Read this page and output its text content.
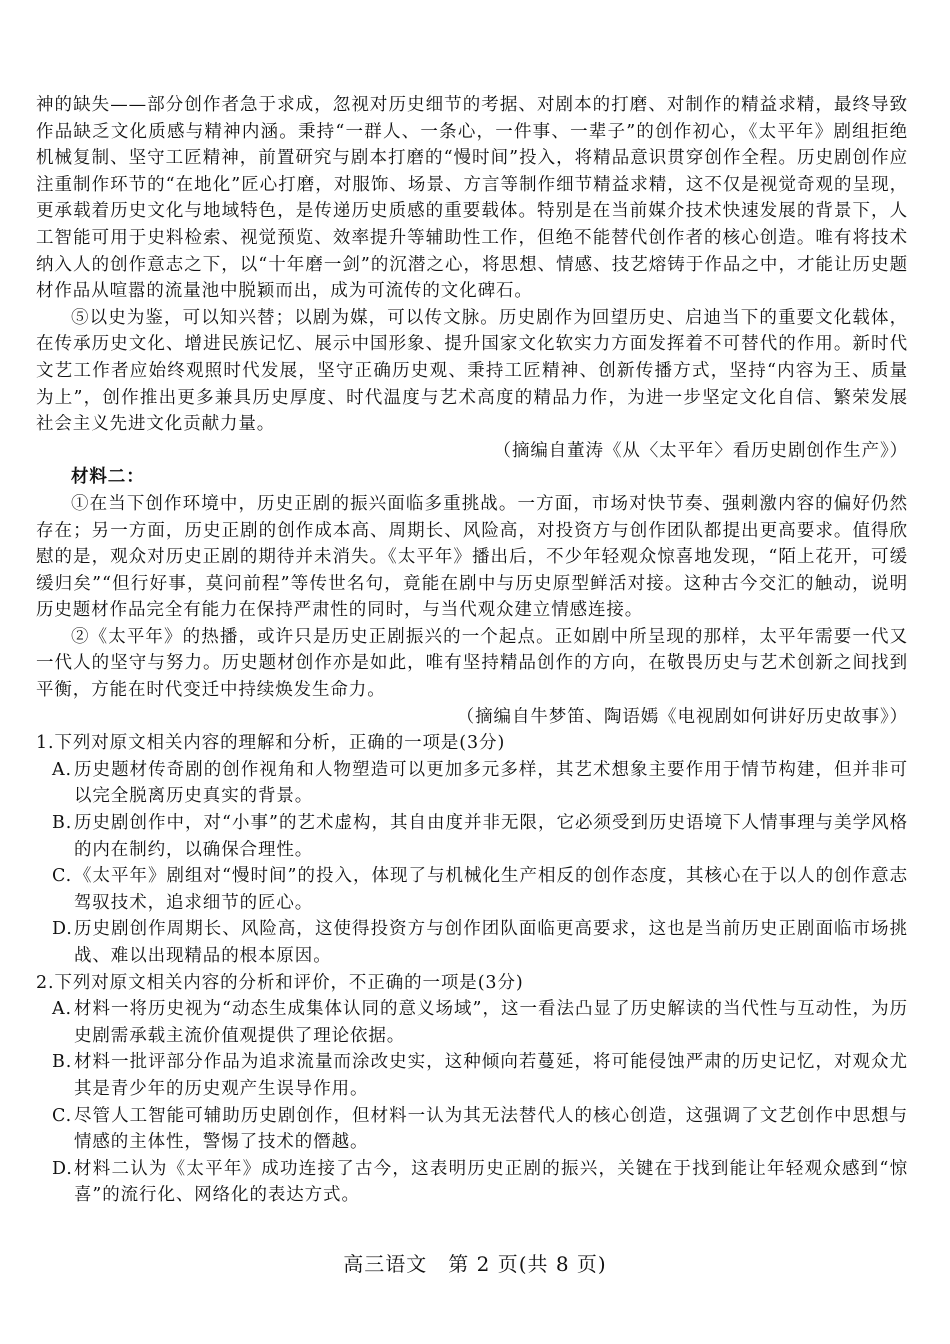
神的缺失——部分创作者急于求成，忽视对历史细节的考据、对剧本的打磨、对制作的精益求精，最终导致作品缺乏文化质感与精神内涵。秉持“一群人、一条心，一件事、一辈子”的创作初心，《太平年》剧组拒绝机械复制、坚守工匠精神，前置研究与剧本打磨的“慢时间”投入，将精品意识贯穿创作全程。历史剧创作应注重制作环节的“在地化”匠心打磨，对服饰、场景、方言等制作细节精益求精，这不仅是视觉奇观的呈现，更承载着历史文化与地域特色，是传递历史质感的重要载体。特别是在当前媒介技术快速发展的背景下，人工智能可用于史料检索、视觉预览、效率提升等辅助性工作，但绝不能替代创作者的核心创造。唯有将技术纳入人的创作意志之下，以“十年磨一剑”的沉潜之心，将思想、情感、技艺熔铸于作品之中，才能让历史题材作品从喧嚣的流量池中脱颖而出，成为可流传的文化碑石。

⑤以史为鉴，可以知兴替；以剧为媒，可以传文脉。历史剧作为回望历史、启迪当下的重要文化载体，在传承历史文化、增进民族记忆、展示中国形象、提升国家文化软实力方面发挥着不可替代的作用。新时代文艺工作者应始终观照时代发展，坚守正确历史观、秉持工匠精神、创新传播方式，坚持“内容为王、质量为上”，创作推出更多兼具历史厚度、时代温度与艺术高度的精品力作，为进一步坚定文化自信、繁荣发展社会主义先进文化贡献力量。

（摘编自董涛《从〈太平年〉看历史剧创作生产》）

材料二：

①在当下创作环境中，历史正剧的振兴面临多重挑战。一方面，市场对快节奏、强刺激内容的偏好仍然存在；另一方面，历史正剧的创作成本高、周期长、风险高，对投资方与创作团队都提出更高要求。值得欣慰的是，观众对历史正剧的期待并未消失。《太平年》播出后，不少年轻观众惊喜地发现，“陌上花开，可缓缓归矣”“但行好事，莫问前程”等传世名句，竟能在剧中与历史原型鲜活对接。这种古今交汇的触动，说明历史题材作品完全有能力在保持严肃性的同时，与当代观众建立情感连接。

②《太平年》的热播，或许只是历史正剧振兴的一个起点。正如剧中所呈现的那样，太平年需要一代又一代人的坚守与努力。历史题材创作亦是如此，唯有坚持精品创作的方向，在敬畏历史与艺术创新之间找到平衡，方能在时代变迁中持续焕发生命力。

（摘编自牛梦笛、陶语嫣《电视剧如何讲好历史故事》）

1.下列对原文相关内容的理解和分析，正确的一项是(3分)

A. 历史题材传奇剧的创作视角和人物塑造可以更加多元多样，其艺术想象主要作用于情节构建，但并非可以完全脱离历史真实的背景。
B. 历史剧创作中，对“小事”的艺术虚构，其自由度并非无限，它必须受到历史语境下人情事理与美学风格的内在制约，以确保合理性。
C. 《太平年》剧组对“慢时间”的投入，体现了与机械化生产相反的创作态度，其核心在于以人的创作意志驾驭技术，追求细节的匠心。
D. 历史剧创作周期长、风险高，这使得投资方与创作团队面临更高要求，这也是当前历史正剧面临市场挑战、难以出现精品的根本原因。

2.下列对原文相关内容的分析和评价，不正确的一项是(3分)

A. 材料一将历史视为“动态生成集体认同的意义场域”，这一看法凸显了历史解读的当代性与互动性，为历史剧需承载主流价值观提供了理论依据。
B. 材料一批评部分作品为追求流量而涂改史实，这种倾向若蔓延，将可能侵蚀严肃的历史记忆，对观众尤其是青少年的历史观产生误导作用。
C. 尽管人工智能可辅助历史剧创作，但材料一认为其无法替代人的核心创造，这强调了文艺创作中思想与情感的主体性，警惕了技术的僭越。
D. 材料二认为《太平年》成功连接了古今，这表明历史正剧的振兴，关键在于找到能让年轻观众感到“惊喜”的流行化、网络化的表达方式。
高三语文　第 2 页(共 8 页)
